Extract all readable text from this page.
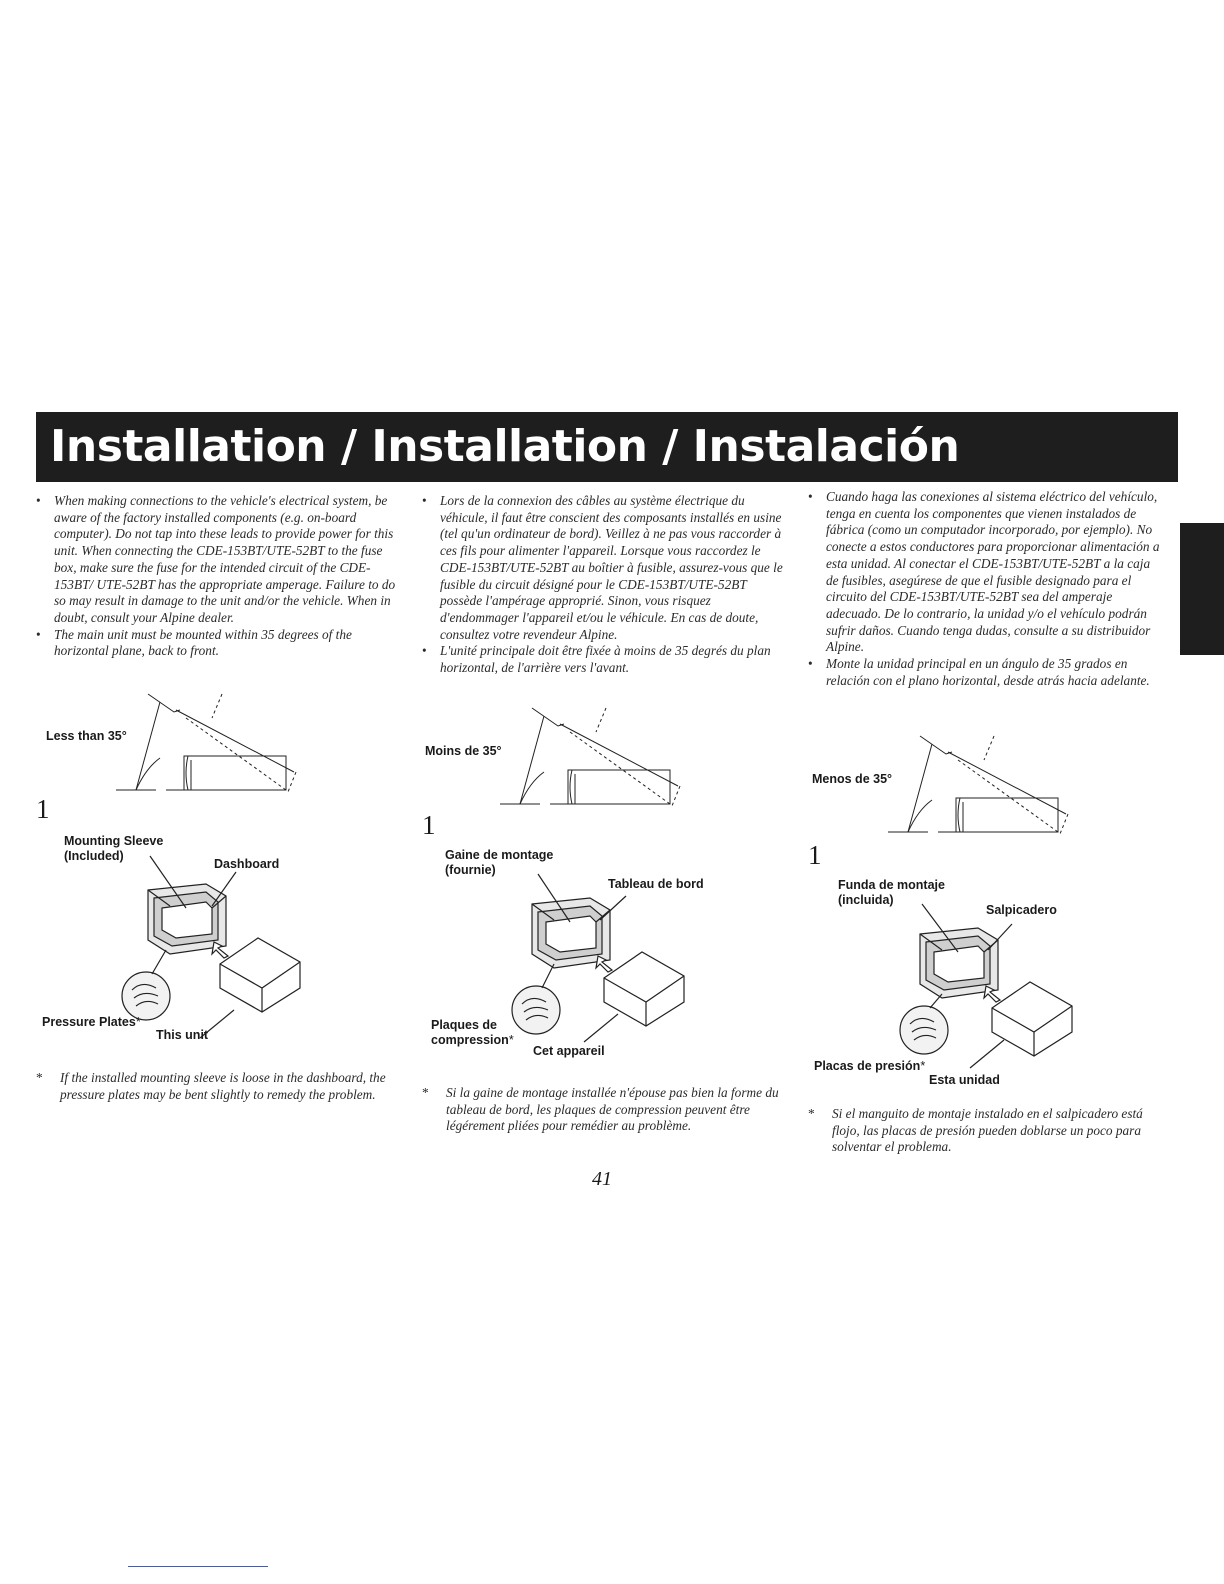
Installation / Installation / Instalación
• When making connections to the vehicle's electrical system, be aware of the factory installed components (e.g. on-board computer). Do not tap into these leads to provide power for this unit. When connecting the CDE-153BT/UTE-52BT to the fuse box, make sure the fuse for the intended circuit of the CDE-153BT/ UTE-52BT has the appropriate amperage. Failure to do so may result in damage to the unit and/or the vehicle. When in doubt, consult your Alpine dealer.
• The main unit must be mounted within 35 degrees of the horizontal plane, back to front.
Less than 35°
1
Mounting Sleeve
(Included)
Dashboard
Pressure Plates*
This unit
*	If the installed mounting sleeve is loose in the dashboard, the pressure plates may be bent slightly to remedy the problem.
• Lors de la connexion des câbles au système électrique du véhicule, il faut être conscient des composants installés en usine (tel qu'un ordinateur de bord). Veillez à ne pas vous raccorder à ces fils pour alimenter l'appareil. Lorsque vous raccordez le CDE-153BT/UTE-52BT au boîtier à fusible, assurez-vous que le fusible du circuit désigné pour le CDE-153BT/UTE-52BT possède l'ampérage approprié. Sinon, vous risquez d'endommager l'appareil et/ou le véhicule. En cas de doute, consultez votre revendeur Alpine.
• L'unité principale doit être fixée à moins de 35 degrés du plan horizontal, de l'arrière vers l'avant.
Moins de 35°
1
Gaine de montage
(fournie)
Tableau de bord
Plaques de
compression*
Cet appareil
*	Si la gaine de montage installée n'épouse pas bien la forme du tableau de bord, les plaques de compression peuvent être légérement pliées pour remédier au problème.
• Cuando haga las conexiones al sistema eléctrico del vehículo, tenga en cuenta los componentes que vienen instalados de fábrica (como un computador incorporado, por ejemplo). No conecte a estos conductores para proporcionar alimentación a esta unidad. Al conectar el CDE-153BT/UTE-52BT a la caja de fusibles, asegúrese de que el fusible designado para el circuito del CDE-153BT/UTE-52BT sea del amperaje adecuado. De lo contrario, la unidad y/o el vehículo podrán sufrir daños. Cuando tenga dudas, consulte a su distribuidor Alpine.
• Monte la unidad principal en un ángulo de 35 grados en relación con el plano horizontal, desde atrás hacia adelante.
Menos de 35°
1
Funda de montaje
(incluida)
Salpicadero
Placas de presión*
Esta unidad
*	Si el manguito de montaje instalado en el salpicadero está flojo, las placas de presión pueden doblarse un poco para solventar el problema.
41
